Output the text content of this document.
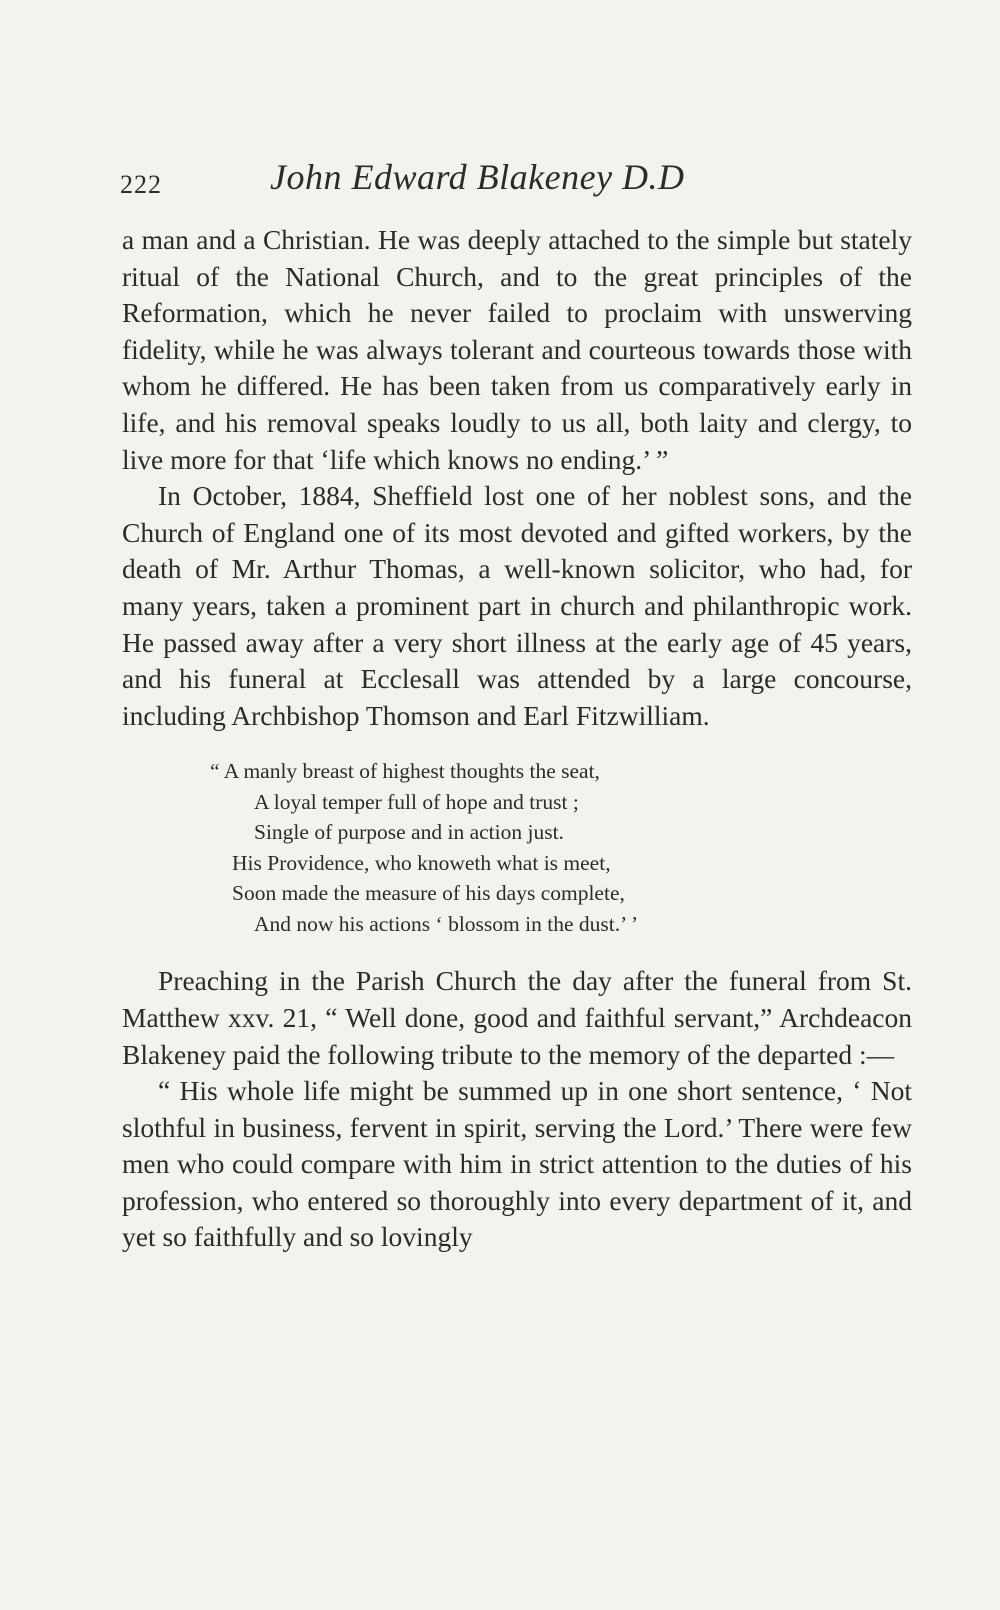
222	John Edward Blakeney D.D

a man and a Christian. He was deeply attached to the simple but stately ritual of the National Church, and to the great principles of the Reformation, which he never failed to proclaim with unswerving fidelity, while he was always tolerant and courteous towards those with whom he differed. He has been taken from us comparatively early in life, and his removal speaks loudly to us all, both laity and clergy, to live more for that ‘life which knows no ending.’ ”

In October, 1884, Sheffield lost one of her noblest sons, and the Church of England one of its most devoted and gifted workers, by the death of Mr. Arthur Thomas, a well-known solicitor, who had, for many years, taken a prominent part in church and philanthropic work. He passed away after a very short illness at the early age of 45 years, and his funeral at Ecclesall was attended by a large concourse, including Archbishop Thomson and Earl Fitzwilliam.

“ A manly breast of highest thoughts the seat,
A loyal temper full of hope and trust ;
Single of purpose and in action just.
His Providence, who knoweth what is meet,
Soon made the measure of his days complete,
And now his actions ‘ blossom in the dust.’ ’

Preaching in the Parish Church the day after the funeral from St. Matthew xxv. 21, “ Well done, good and faithful servant,” Archdeacon Blakeney paid the following tribute to the memory of the departed :—

“ His whole life might be summed up in one short sentence, ‘ Not slothful in business, fervent in spirit, serving the Lord.’ There were few men who could compare with him in strict attention to the duties of his profession, who entered so thoroughly into every department of it, and yet so faithfully and so lovingly
